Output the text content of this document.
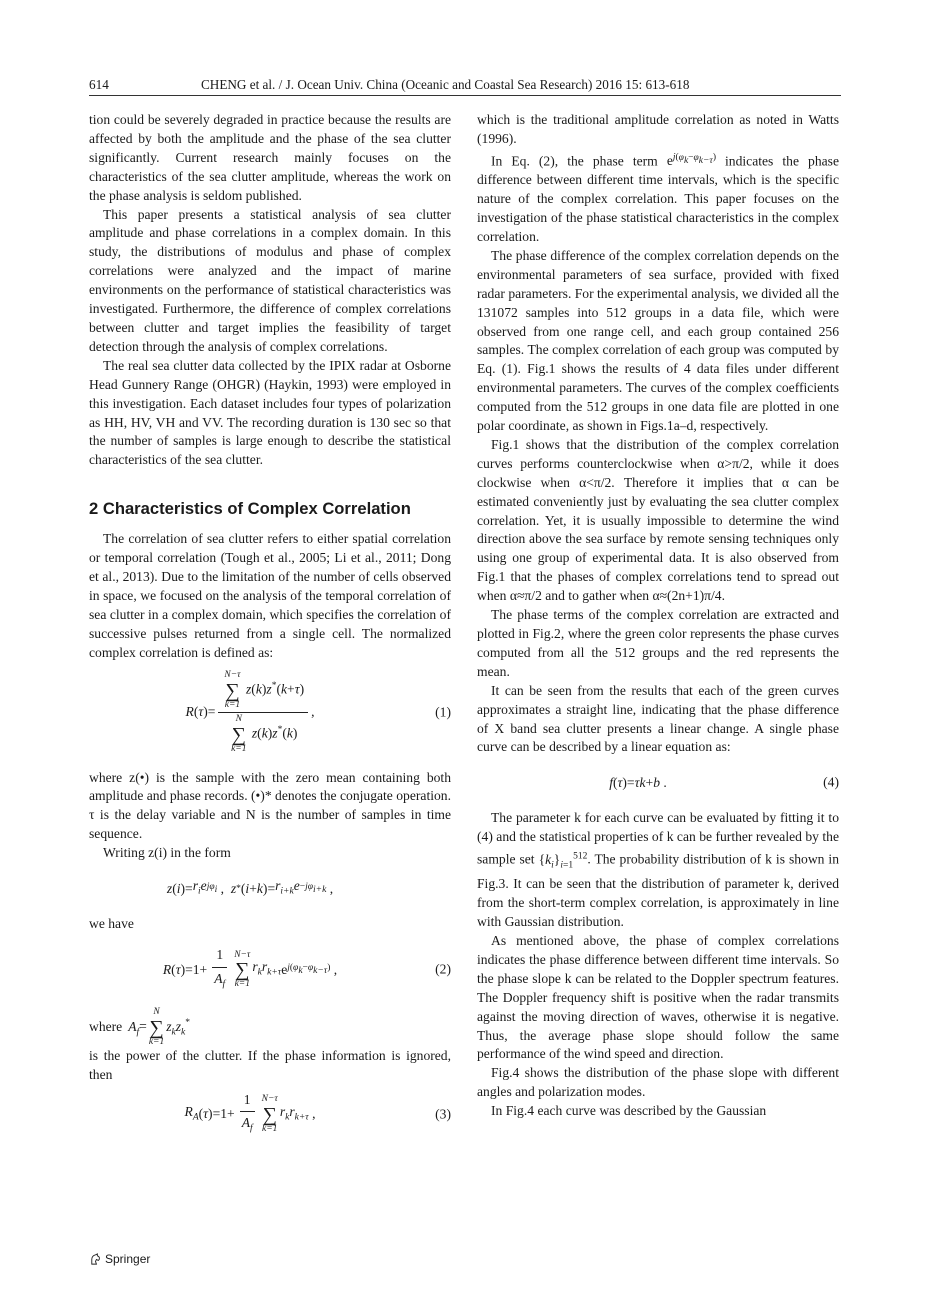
614	CHENG et al. / J. Ocean Univ. China (Oceanic and Coastal Sea Research) 2016 15: 613-618

tion could be severely degraded in practice because the results are affected by both the amplitude and the phase of the sea clutter significantly. Current research mainly focuses on the characteristics of the sea clutter amplitude, whereas the work on the phase analysis is seldom published.

This paper presents a statistical analysis of sea clutter amplitude and phase correlations in a complex domain. In this study, the distributions of modulus and phase of complex correlations were analyzed and the impact of marine environments on the performance of statistical characteristics was investigated. Furthermore, the difference of complex correlations between clutter and target implies the feasibility of target detection through the analysis of complex correlations.

The real sea clutter data collected by the IPIX radar at Osborne Head Gunnery Range (OHGR) (Haykin, 1993) were employed in this investigation. Each dataset includes four types of polarization as HH, HV, VH and VV. The recording duration is 130 sec so that the number of samples is large enough to describe the statistical characteristics of the sea clutter.

2 Characteristics of Complex Correlation

The correlation of sea clutter refers to either spatial correlation or temporal correlation (Tough et al., 2005; Li et al., 2011; Dong et al., 2013). Due to the limitation of the number of cells observed in space, we focused on the analysis of the temporal correlation of sea clutter in a complex domain, which specifies the correlation of successive pulses returned from a single cell. The normalized complex correlation is defined as:

R ( τ )= N−τ
∑
k=1
z(k)z*(k+τ)
N
∑
k=1
z(k)z*(k) ,	(1)

where z(•) is the sample with the zero mean containing both amplitude and phase records. (•)* denotes the conjugate operation. τ is the delay variable and N is the number of samples in time sequence.

Writing z(i) in the form

z ( i )= $r_ie$ $j\varphi_i$ , z * ( i + k )= $r_{i+k}e -j\varphi_{i+k}$ ,

we have

R ( τ )$=1+ \frac{1}{A_f} N-\tau$
∑
k=1
$r_kr_{k+\tau}$ e $j(\varphi_k-\varphi_{k-\tau})$ ,	(2)
where $A_f=$
N
∑
k=1
$z_kz_k^*$

is the power of the clutter. If the phase information is ignored, then

$R_A$ ( τ )$=1+ \frac{1}{A_f} N-\tau$
∑
k=1
$r_kr_{k+\tau}$ ,	(3)

which is the traditional amplitude correlation as noted in Watts (1996).

In Eq. (2), the phase term $e^{j(\varphi_k-\varphi_{k-\tau})}$ indicates the phase difference between different time intervals, which is the specific nature of the complex correlation. This paper focuses on the investigation of the phase statistical characteristics in the complex correlation.

The phase difference of the complex correlation depends on the environmental parameters of sea surface, provided with fixed radar parameters. For the experimental analysis, we divided all the 131072 samples into 512 groups in a data file, which were observed from one range cell, and each group contained 256 samples. The complex correlation of each group was computed by Eq. (1). Fig.1 shows the results of 4 data files under different environmental parameters. The curves of the complex coefficients computed from the 512 groups in one data file are plotted in one polar coordinate, as shown in Figs.1a–d, respectively.

Fig.1 shows that the distribution of the complex correlation curves performs counterclockwise when α>π/2, while it does clockwise when α<π/2. Therefore it implies that α can be estimated conveniently just by evaluating the sea clutter complex correlation. Yet, it is usually impossible to determine the wind direction above the sea surface by remote sensing techniques only using one group of experimental data. It is also observed from Fig.1 that the phases of complex correlations tend to spread out when α≈π/2 and to gather when α≈(2n+1)π/4.

The phase terms of the complex correlation are extracted and plotted in Fig.2, where the green color represents the phase curves computed from all the 512 groups and the red represents the mean.

It can be seen from the results that each of the green curves approximates a straight line, indicating that the phase difference of X band sea clutter presents a linear change. A single phase curve can be described by a linear equation as:

f ( τ )= τk + b .	(4)

The parameter k for each curve can be evaluated by fitting it to (4) and the statistical properties of k can be further revealed by the sample set $\{k_i\}_{i=1}^{512}$. The probability distribution of k is shown in Fig.3. It can be seen that the distribution of parameter k, derived from the short-term complex correlation, is approximately in line with Gaussian distribution.

As mentioned above, the phase of complex correlations indicates the phase difference between different time intervals. So the phase slope k can be related to the Doppler spectrum features. The Doppler frequency shift is positive when the radar transmits against the moving direction of waves, otherwise it is negative. Thus, the average phase slope should follow the same performance of the wind speed and direction.

Fig.4 shows the distribution of the phase slope with different angles and polarization modes.

In Fig.4 each curve was described by the Gaussian

Springer
